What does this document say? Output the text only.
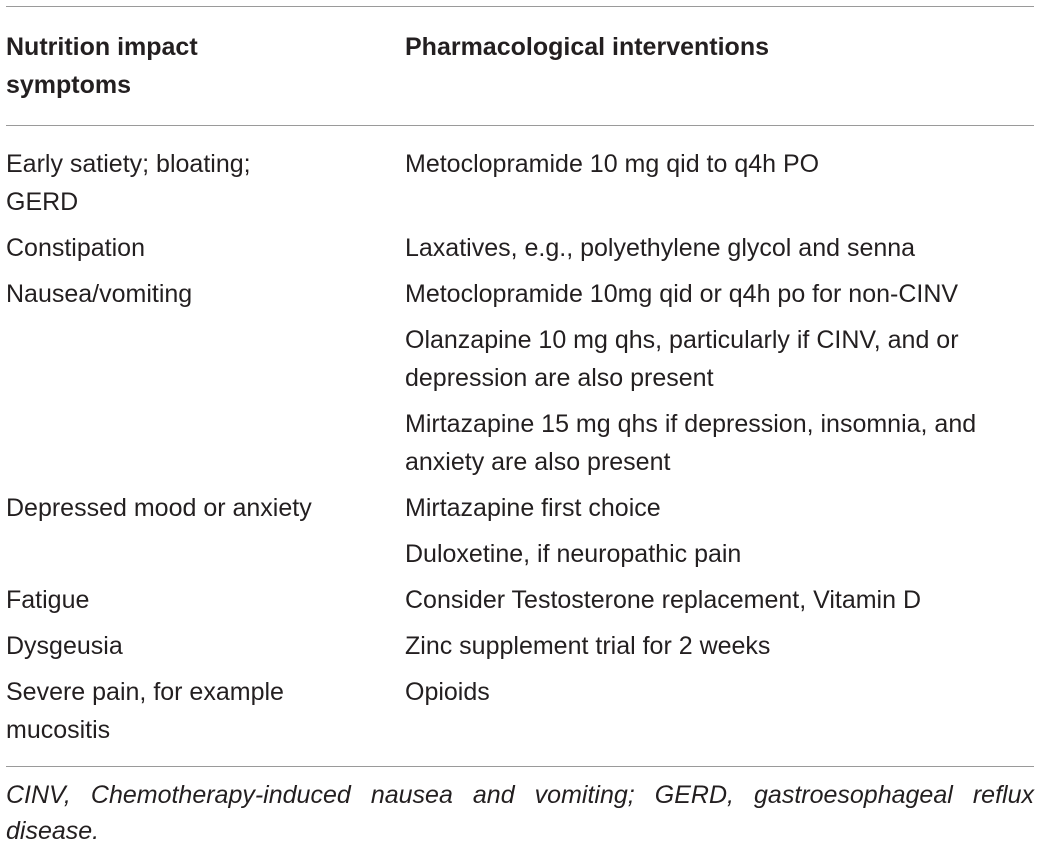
Nutrition impact symptoms	Pharmacological interventions
Early satiety; bloating; GERD	Metoclopramide 10 mg qid to q4h PO
Constipation	Laxatives, e.g., polyethylene glycol and senna
Nausea/vomiting	Metoclopramide 10mg qid or q4h po for non-CINV
	Olanzapine 10 mg qhs, particularly if CINV, and or depression are also present
	Mirtazapine 15 mg qhs if depression, insomnia, and anxiety are also present
Depressed mood or anxiety	Mirtazapine first choice
	Duloxetine, if neuropathic pain
Fatigue	Consider Testosterone replacement, Vitamin D
Dysgeusia	Zinc supplement trial for 2 weeks
Severe pain, for example mucositis	Opioids
CINV, Chemotherapy-induced nausea and vomiting; GERD, gastroesophageal reflux disease.
